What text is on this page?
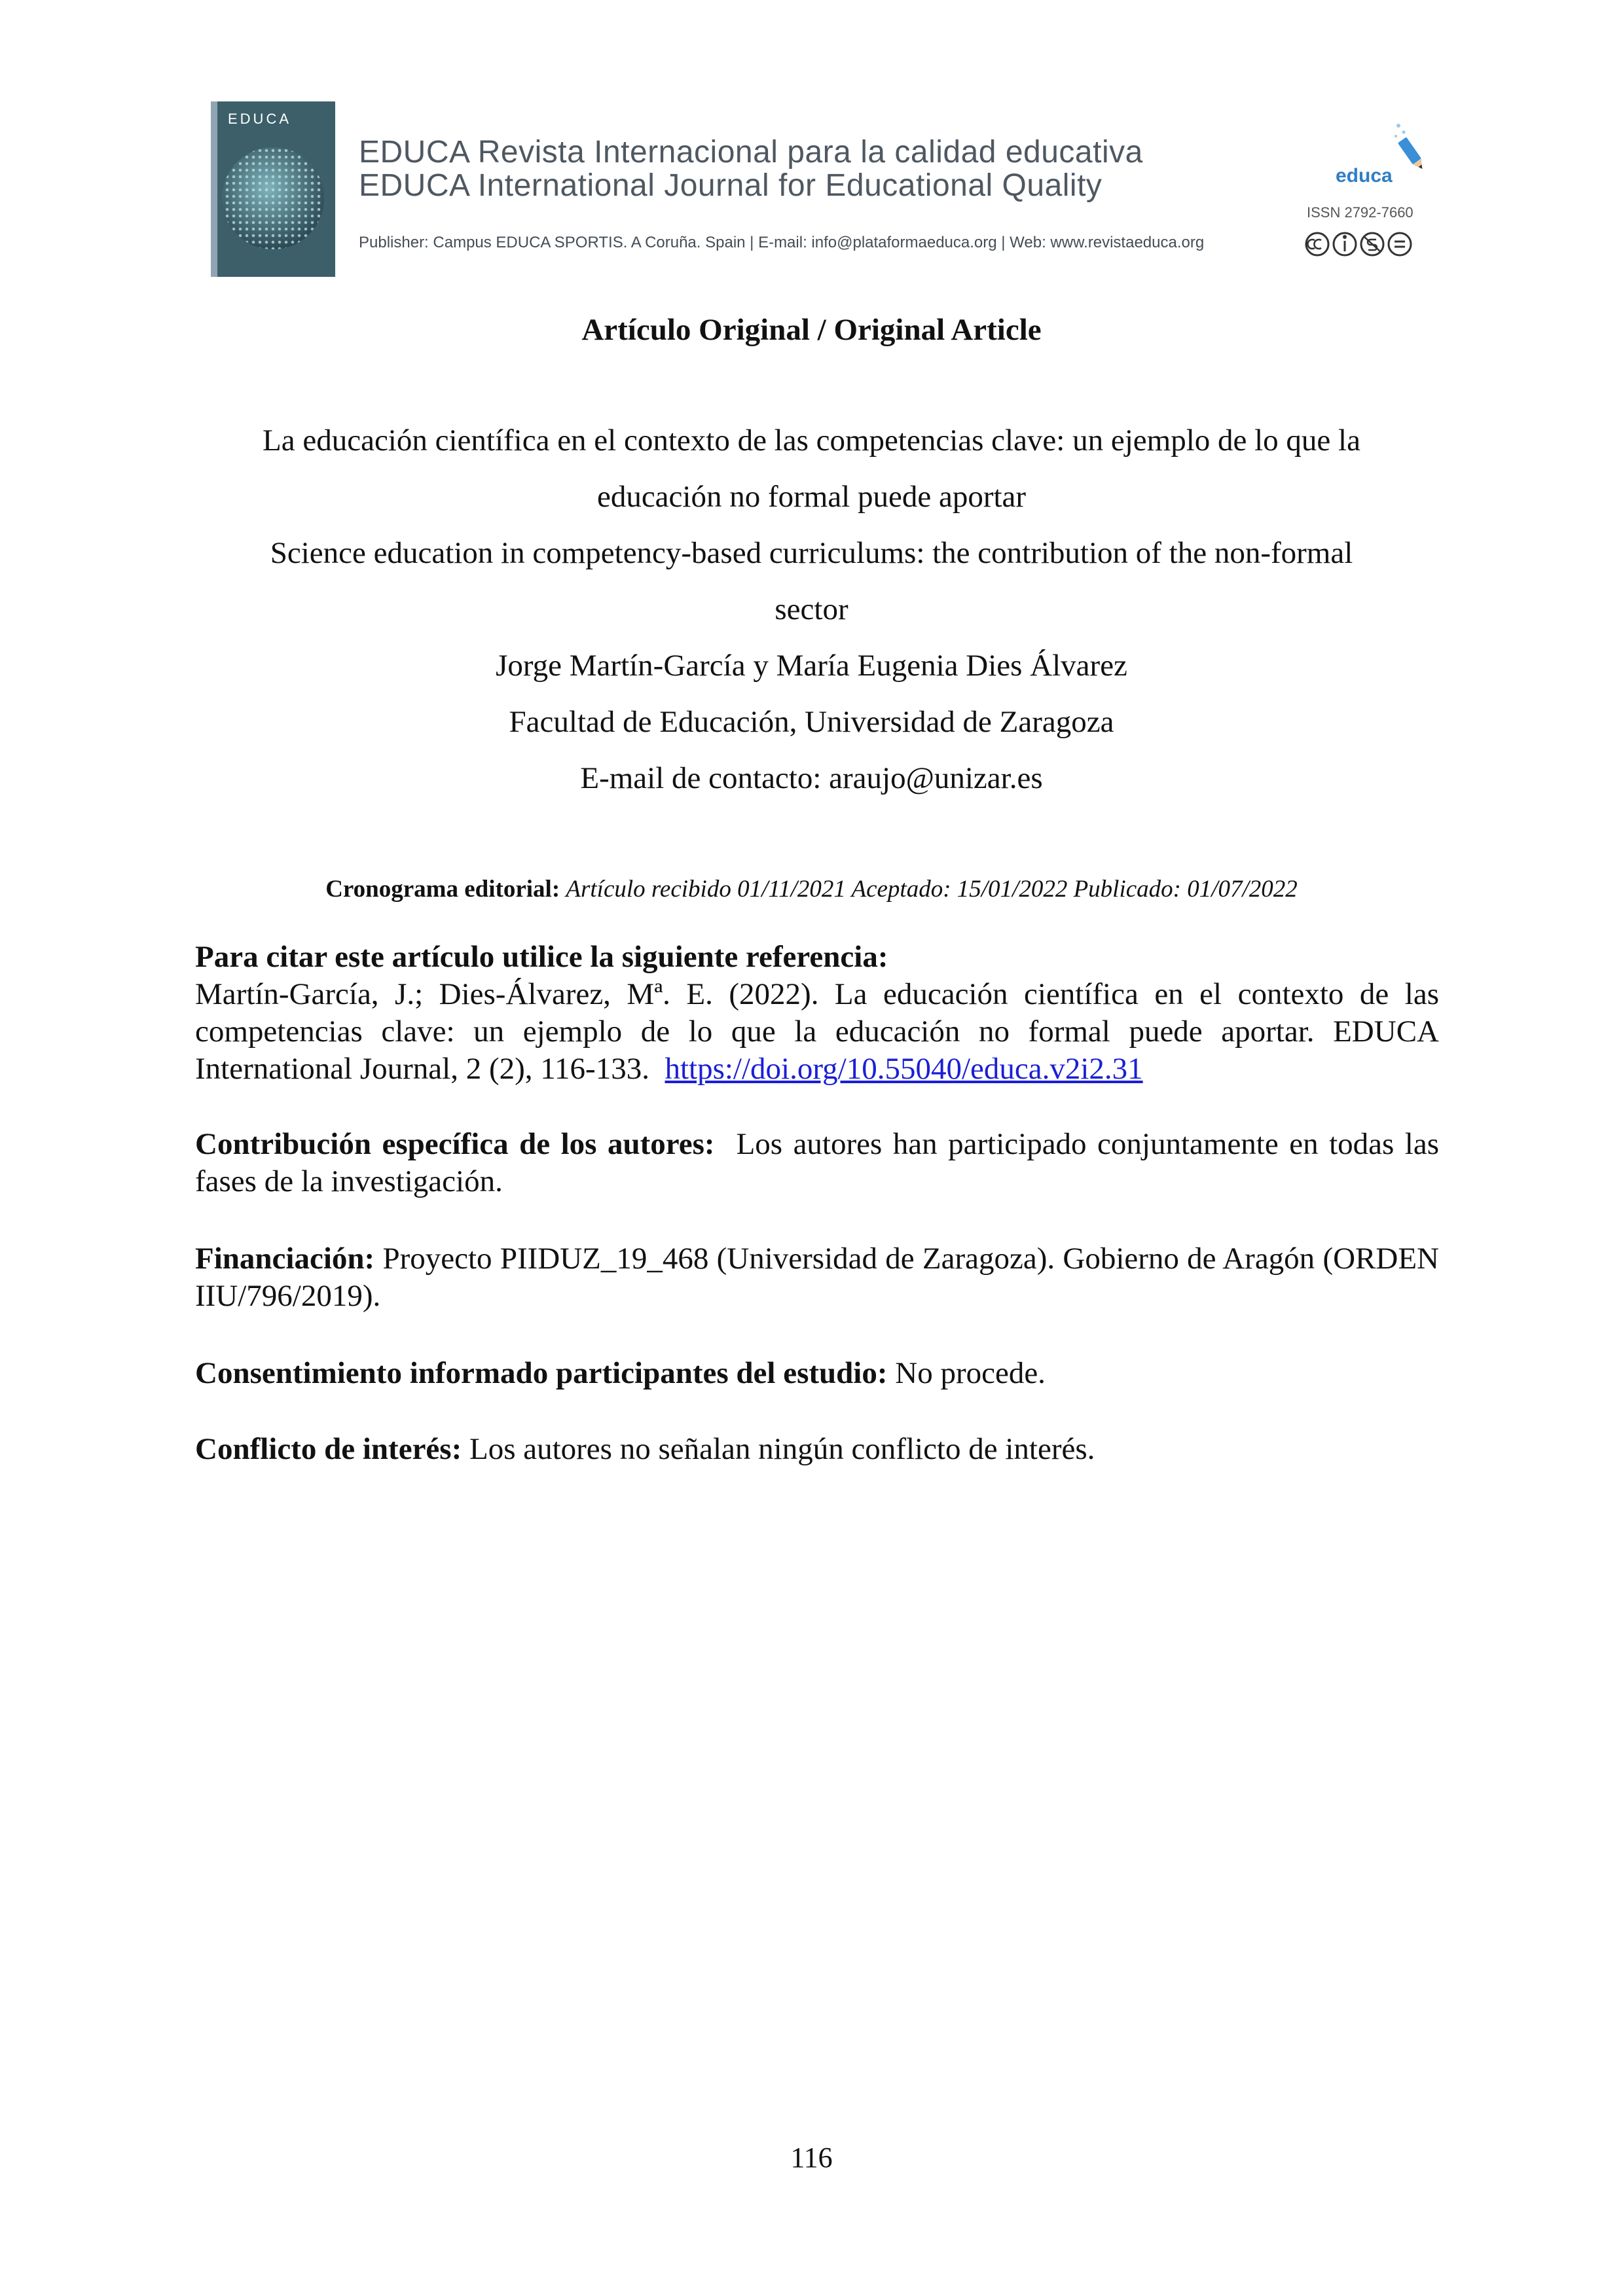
EDUCA

EDUCA Revista Internacional para la calidad educativa

EDUCA International Journal for Educational Quality

Publisher: Campus EDUCA SPORTIS. A Coruña. Spain | E-mail: info@plataformaeduca.org | Web: www.revistaeduca.org

educa

ISSN 2792-7660

Artículo Original / Original Article

La educación científica en el contexto de las competencias clave: un ejemplo de lo que la

educación no formal puede aportar

Science education in competency-based curriculums: the contribution of the non-formal

sector

Jorge Martín-García y María Eugenia Dies Álvarez

Facultad de Educación, Universidad de Zaragoza

E-mail de contacto: araujo@unizar.es

Cronograma editorial: Artículo recibido 01/11/2021 Aceptado: 15/01/2022 Publicado: 01/07/2022

Para citar este artículo utilice la siguiente referencia:

Martín-García, J.; Dies-Álvarez, Mª. E. (2022). La educación científica en el contexto de las competencias clave: un ejemplo de lo que la educación no formal puede aportar. EDUCA International Journal, 2 (2), 116-133. https://doi.org/10.55040/educa.v2i2.31

Contribución específica de los autores: Los autores han participado conjuntamente en todas las fases de la investigación.

Financiación: Proyecto PIIDUZ_19_468 (Universidad de Zaragoza). Gobierno de Aragón (ORDEN IIU/796/2019).

Consentimiento informado participantes del estudio: No procede.

Conflicto de interés: Los autores no señalan ningún conflicto de interés.

116
